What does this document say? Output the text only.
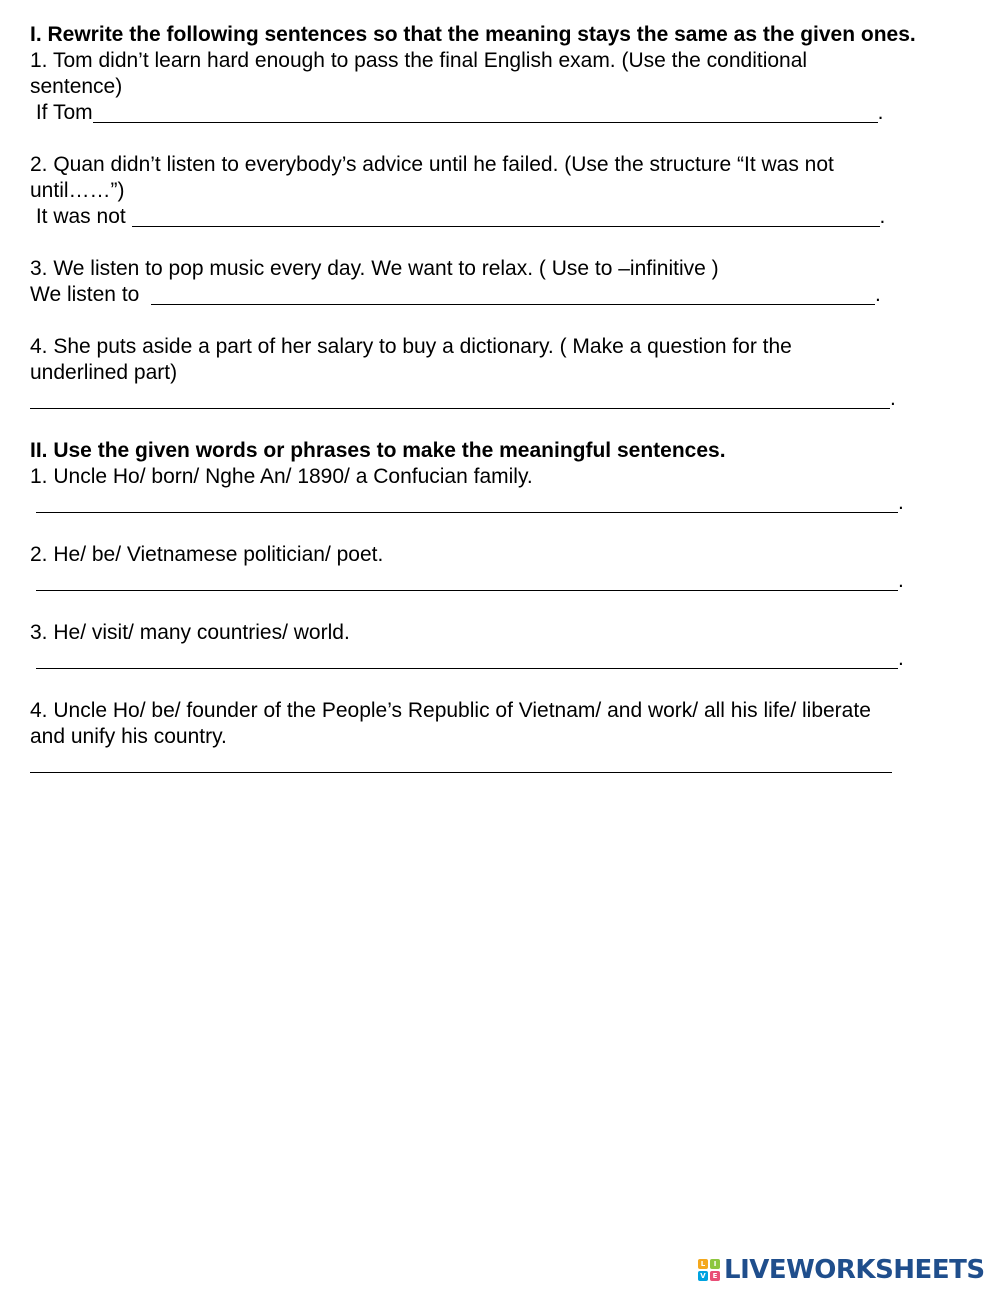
I. Rewrite the following sentences so that the meaning stays the same as the given ones.

1. Tom didn’t learn hard enough to pass the final English exam. (Use the conditional

sentence)

If Tom	.

2. Quan didn’t listen to everybody’s advice until he failed. (Use the structure “It was not

until……”)

It was not	.

3. We listen to pop music every day. We want to relax. ( Use to –infinitive )

We listen to	.

4. She puts aside a part of her salary to buy a dictionary. ( Make a question for the

underlined part)

.

II. Use the given words or phrases to make the meaningful sentences.

1. Uncle Ho/ born/ Nghe An/ 1890/ a Confucian family.

.

2. He/ be/ Vietnamese politician/ poet.

.

3. He/ visit/ many countries/ world.

.

4. Uncle Ho/ be/ founder of the People’s Republic of Vietnam/ and work/ all his life/ liberate

and unify his country.

L	I
V E LIVEWORKSHEETS
